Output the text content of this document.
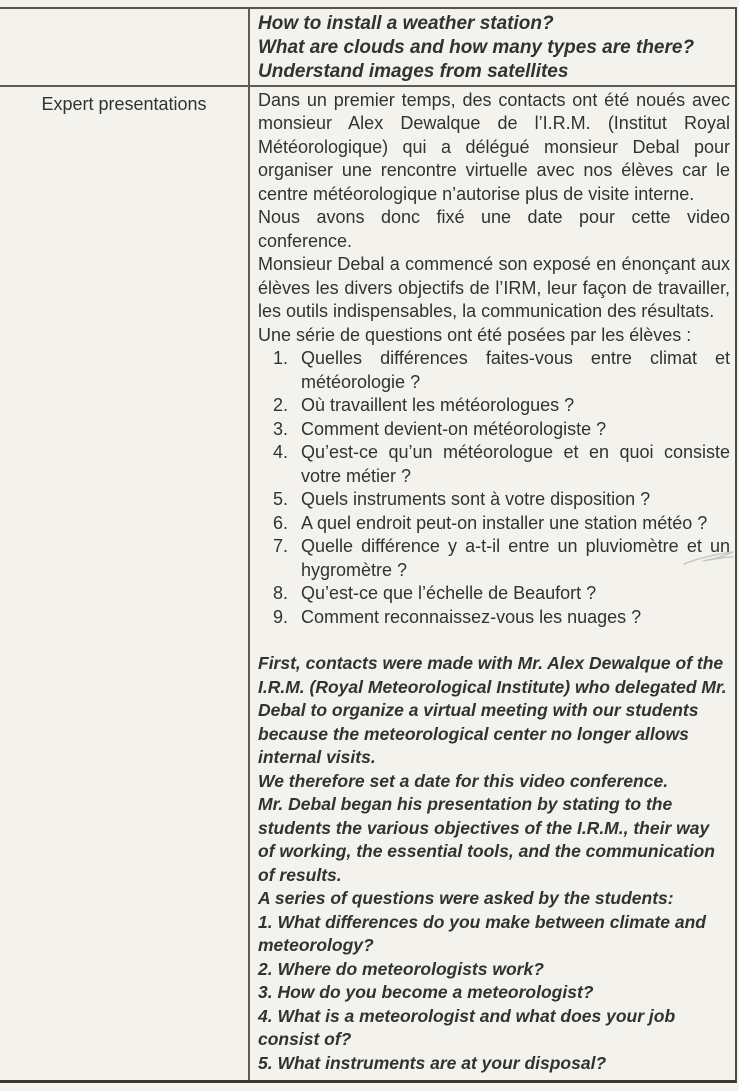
How to install a weather station?

What are clouds and how many types are there?

Understand images from satellites

Expert presentations	Dans un premier temps, des contacts ont été noués avec monsieur Alex Dewalque de l’I.R.M. (Institut Royal Météorologique) qui a délégué monsieur Debal pour organiser une rencontre virtuelle avec nos élèves car le centre météorologique n’autorise plus de visite interne.

Nous avons donc fixé une date pour cette video conference.

Monsieur Debal a commencé son exposé en énonçant aux élèves les divers objectifs de l’IRM, leur façon de travailler, les outils indispensables, la communication des résultats.

Une série de questions ont été posées par les élèves :

1. Quelles différences faites-vous entre climat et météorologie ?
2. Où travaillent les météorologues ?
3. Comment devient-on météorologiste ?
4. Qu’est-ce qu’un météorologue et en quoi consiste votre métier ?
5. Quels instruments sont à votre disposition ?
6. A quel endroit peut-on installer une station météo ?
7. Quelle différence y a-t-il entre un pluviomètre et un hygromètre ?
8. Qu’est-ce que l’échelle de Beaufort ?
9. Comment reconnaissez-vous les nuages ?

First, contacts were made with Mr. Alex Dewalque of the I.R.M. (Royal Meteorological Institute) who delegated Mr. Debal to organize a virtual meeting with our students because the meteorological center no longer allows internal visits.

We therefore set a date for this video conference.

Mr. Debal began his presentation by stating to the students the various objectives of the I.R.M., their way of working, the essential tools, and the communication of results.

A series of questions were asked by the students:

1. What differences do you make between climate and meteorology?

2. Where do meteorologists work?

3. How do you become a meteorologist?

4. What is a meteorologist and what does your job consist of?

5. What instruments are at your disposal?
